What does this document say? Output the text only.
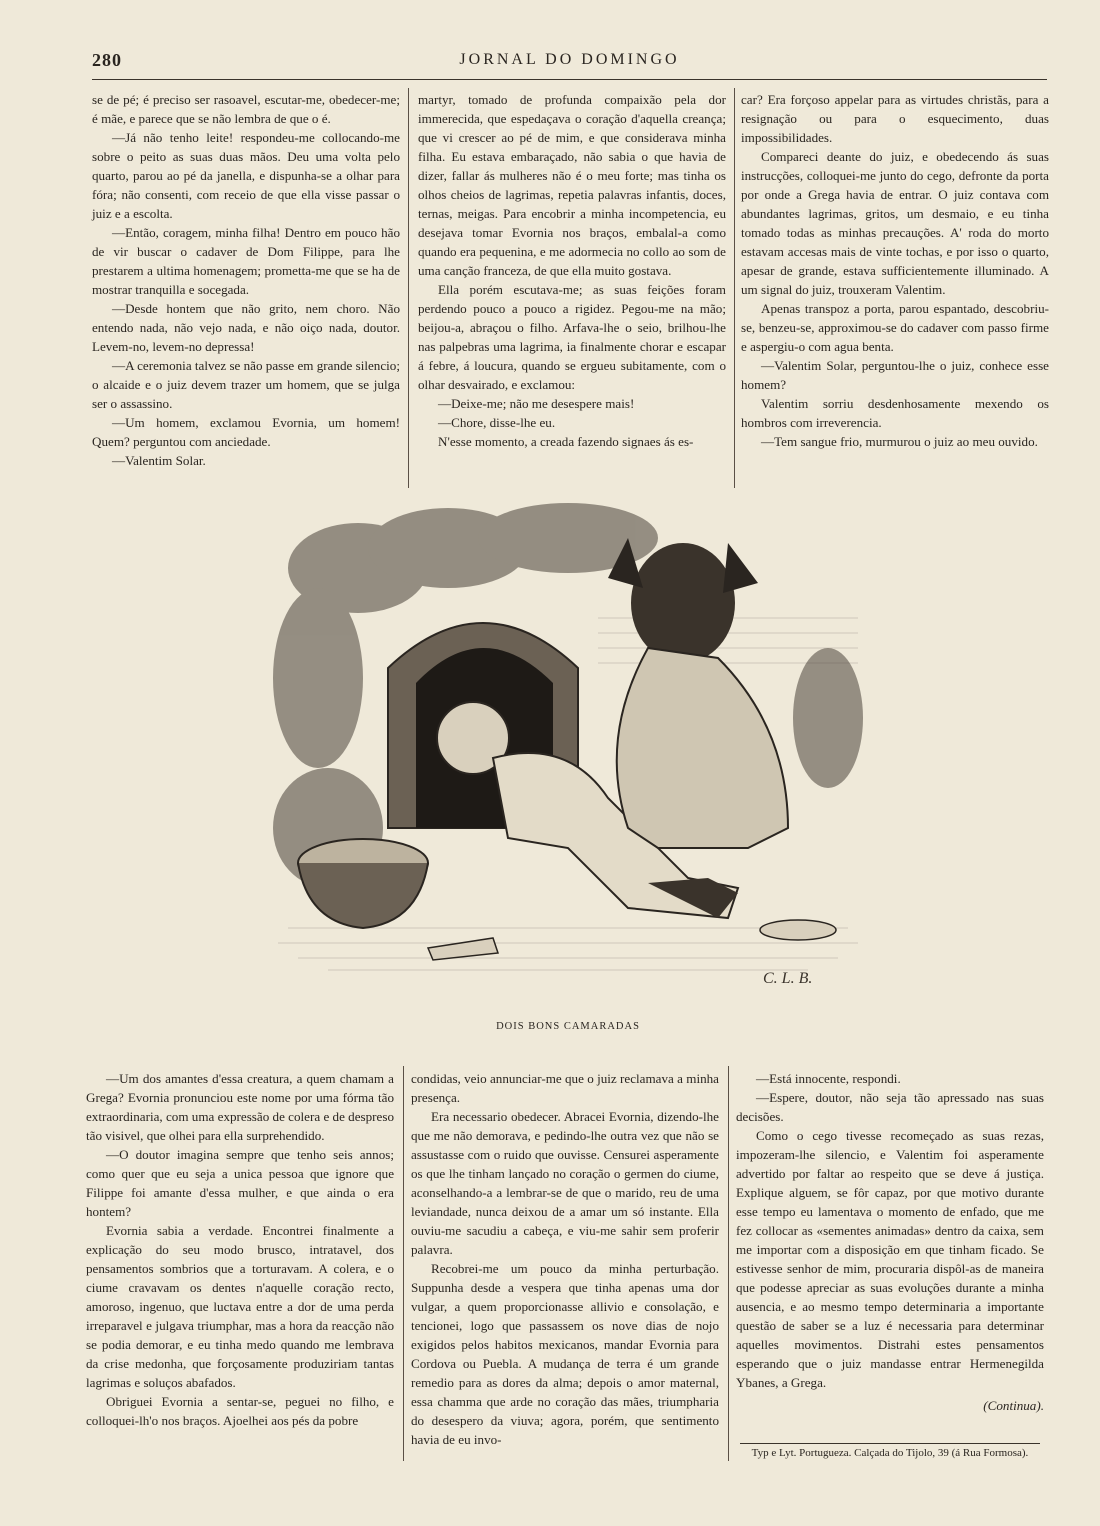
280	JORNAL DO DOMINGO

se de pé; é preciso ser rasoavel, escutar-me, obedecer-me; é mãe, e parece que se não lembra de que o é.

—Já não tenho leite! respondeu-me collocando-me sobre o peito as suas duas mãos. Deu uma volta pelo quarto, parou ao pé da janella, e dispunha-se a olhar para fóra; não consenti, com receio de que ella visse passar o juiz e a escolta.

—Então, coragem, minha filha! Dentro em pouco hão de vir buscar o cadaver de Dom Filippe, para lhe prestarem a ultima homenagem; prometta-me que se ha de mostrar tranquilla e socegada.

—Desde hontem que não grito, nem choro. Não entendo nada, não vejo nada, e não oiço nada, doutor. Levem-no, levem-no depressa!

—A ceremonia talvez se não passe em grande silencio; o alcaide e o juiz devem trazer um homem, que se julga ser o assassino.

—Um homem, exclamou Evornia, um homem! Quem? perguntou com anciedade.

—Valentim Solar.

martyr, tomado de profunda compaixão pela dor immerecida, que espedaçava o coração d'aquella creança; que vi crescer ao pé de mim, e que considerava minha filha. Eu estava embaraçado, não sabia o que havia de dizer, fallar ás mulheres não é o meu forte; mas tinha os olhos cheios de lagrimas, repetia palavras infantis, doces, ternas, meigas. Para encobrir a minha incompetencia, eu desejava tomar Evornia nos braços, embalal-a como quando era pequenina, e me adormecia no collo ao som de uma canção franceza, de que ella muito gostava.

Ella porém escutava-me; as suas feições foram perdendo pouco a pouco a rigidez. Pegou-me na mão; beijou-a, abraçou o filho. Arfava-lhe o seio, brilhou-lhe nas palpebras uma lagrima, ia finalmente chorar e escapar á febre, á loucura, quando se ergueu subitamente, com o olhar desvairado, e exclamou:

—Deixe-me; não me desespere mais!

—Chore, disse-lhe eu.

N'esse momento, a creada fazendo signaes ás es-

car? Era forçoso appelar para as virtudes christãs, para a resignação ou para o esquecimento, duas impossibilidades.

Compareci deante do juiz, e obedecendo ás suas instrucções, colloquei-me junto do cego, defronte da porta por onde a Grega havia de entrar. O juiz contava com abundantes lagrimas, gritos, um desmaio, e eu tinha tomado todas as minhas precauções. A' roda do morto estavam accesas mais de vinte tochas, e por isso o quarto, apesar de grande, estava sufficientemente illuminado. A um signal do juiz, trouxeram Valentim.

Apenas transpoz a porta, parou espantado, descobriu-se, benzeu-se, approximou-se do cadaver com passo firme e aspergiu-o com agua benta.

—Valentim Solar, perguntou-lhe o juiz, conhece esse homem?

Valentim sorriu desdenhosamente mexendo os hombros com irreverencia.

—Tem sangue frio, murmurou o juiz ao meu ouvido.

C. L. B.
DOIS BONS CAMARADAS

—Um dos amantes d'essa creatura, a quem chamam a Grega? Evornia pronunciou este nome por uma fórma tão extraordinaria, com uma expressão de colera e de despreso tão visivel, que olhei para ella surprehendido.

—O doutor imagina sempre que tenho seis annos; como quer que eu seja a unica pessoa que ignore que Filippe foi amante d'essa mulher, e que ainda o era hontem?

Evornia sabia a verdade. Encontrei finalmente a explicação do seu modo brusco, intratavel, dos pensamentos sombrios que a torturavam. A colera, e o ciume cravavam os dentes n'aquelle coração recto, amoroso, ingenuo, que luctava entre a dor de uma perda irreparavel e julgava triumphar, mas a hora da reacção não se podia demorar, e eu tinha medo quando me lembrava da crise medonha, que forçosamente produziriam tantas lagrimas e soluços abafados.

Obriguei Evornia a sentar-se, peguei no filho, e colloquei-lh'o nos braços. Ajoelhei aos pés da pobre

condidas, veio annunciar-me que o juiz reclamava a minha presença.

Era necessario obedecer. Abracei Evornia, dizendo-lhe que me não demorava, e pedindo-lhe outra vez que não se assustasse com o ruido que ouvisse. Censurei asperamente os que lhe tinham lançado no coração o germen do ciume, aconselhando-a a lembrar-se de que o marido, reu de uma leviandade, nunca deixou de a amar um só instante. Ella ouviu-me sacudiu a cabeça, e viu-me sahir sem proferir palavra.

Recobrei-me um pouco da minha perturbação. Suppunha desde a vespera que tinha apenas uma dor vulgar, a quem proporcionasse allivio e consolação, e tencionei, logo que passassem os nove dias de nojo exigidos pelos habitos mexicanos, mandar Evornia para Cordova ou Puebla. A mudança de terra é um grande remedio para as dores da alma; depois o amor maternal, essa chamma que arde no coração das mães, triumpharia do desespero da viuva; agora, porém, que sentimento havia de eu invo-

—Está innocente, respondi.

—Espere, doutor, não seja tão apressado nas suas decisões.

Como o cego tivesse recomeçado as suas rezas, impozeram-lhe silencio, e Valentim foi asperamente advertido por faltar ao respeito que se deve á justiça. Explique alguem, se fôr capaz, por que motivo durante esse tempo eu lamentava o momento de enfado, que me fez collocar as «sementes animadas» dentro da caixa, sem me importar com a disposição em que tinham ficado. Se estivesse senhor de mim, procuraria dispôl-as de maneira que podesse apreciar as suas evoluções durante a minha ausencia, e ao mesmo tempo determinaria a importante questão de saber se a luz é necessaria para determinar aquelles movimentos. Distrahi estes pensamentos esperando que o juiz mandasse entrar Hermenegilda Ybanes, a Grega.

(Continua).

Typ e Lyt. Portugueza. Calçada do Tijolo, 39 (á Rua Formosa).
